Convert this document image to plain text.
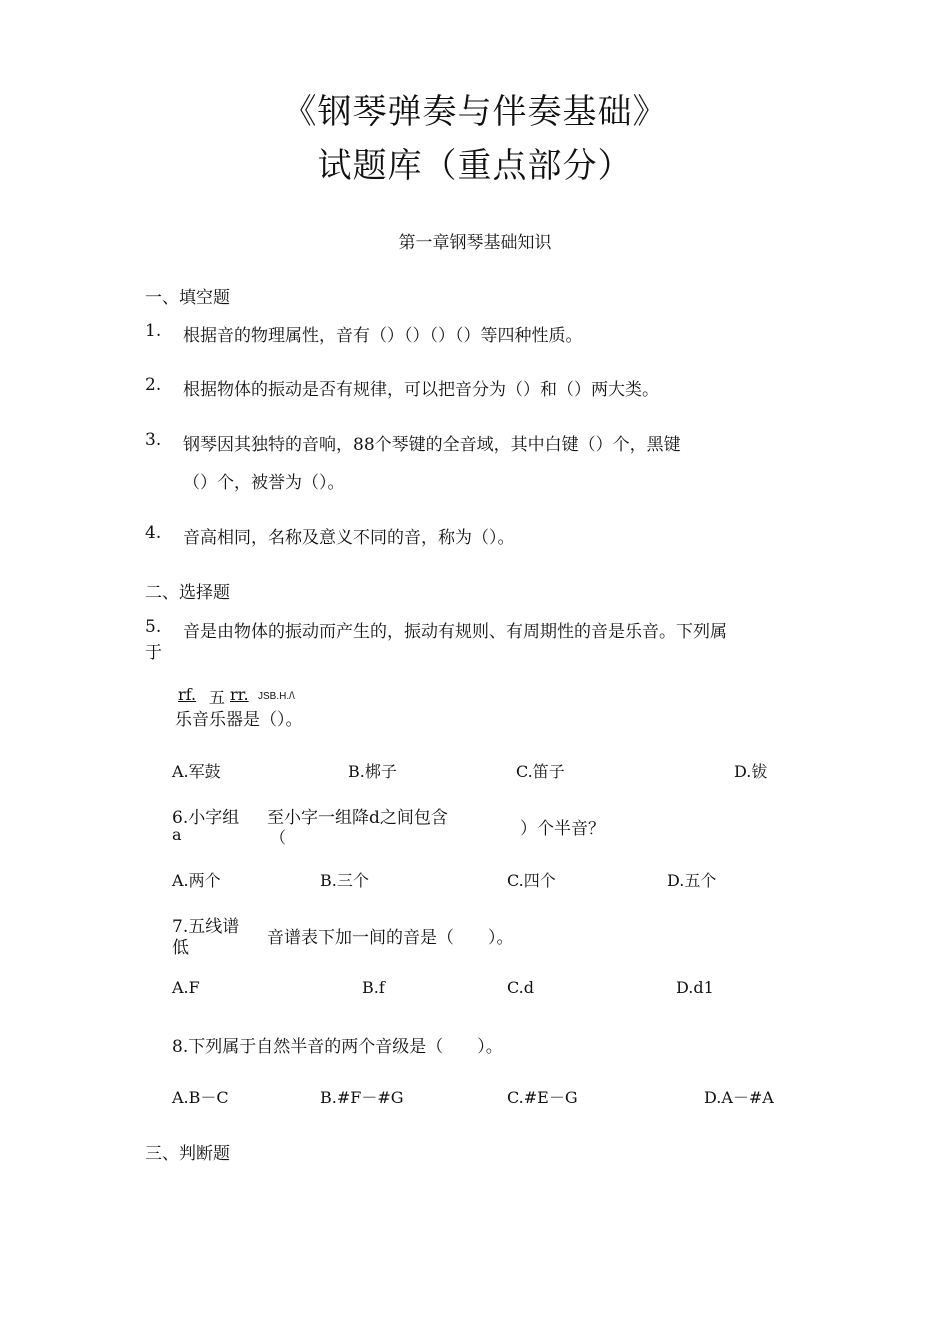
《钢琴弹奏与伴奏基础》
试题库（重点部分）
第一章钢琴基础知识
一、填空题
1. 根据音的物理属性，音有（）（）（）（）等四种性质。
2. 根据物体的振动是否有规律，可以把音分为（）和（）两大类。
3. 钢琴因其独特的音响，88个琴键的全音域，其中白键（）个，黑键
（）个，被誉为（）。
4. 音高相同，名称及意义不同的音，称为（）。
二、选择题
5. 音是由物体的振动而产生的，振动有规则、有周期性的音是乐音。下列属
于
rf. 五 rr. JSB.H./\
乐音乐器是（）。
A.军鼓	B.梆子	C.笛子	D.钹
6.小字组
a
至小字一组降d之间包含
（	）个半音？
A.两个	B.三个	C.四个	D.五个
7.五线谱
低	音谱表下加一间的音是（　　）。
A.F	B.f	C.d	D.d1
8.下列属于自然半音的两个音级是（　　）。
A.B－C	B.#F－#G	C.#E－G	D.A－#A
三、判断题
